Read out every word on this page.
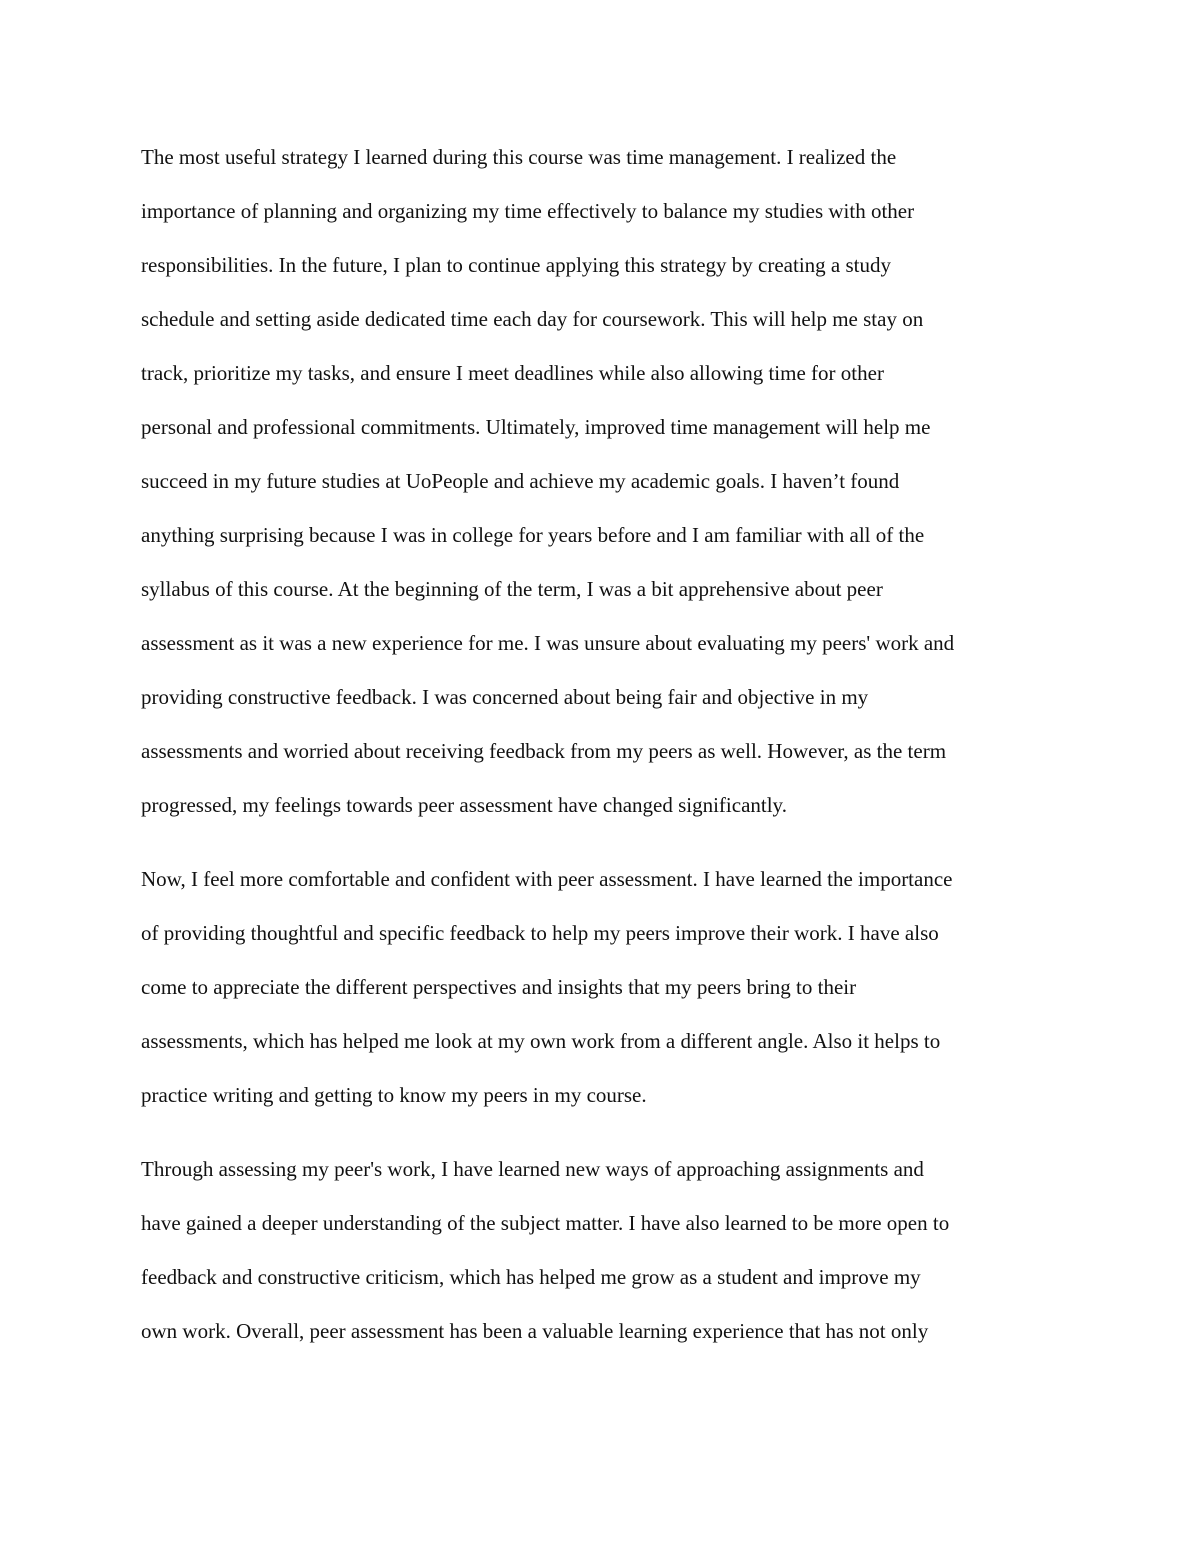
The most useful strategy I learned during this course was time management. I realized the
importance of planning and organizing my time effectively to balance my studies with other
responsibilities. In the future, I plan to continue applying this strategy by creating a study
schedule and setting aside dedicated time each day for coursework. This will help me stay on
track, prioritize my tasks, and ensure I meet deadlines while also allowing time for other
personal and professional commitments. Ultimately, improved time management will help me
succeed in my future studies at UoPeople and achieve my academic goals. I haven’t found
anything surprising because I was in college for years before and I am familiar with all of the
syllabus of this course. At the beginning of the term, I was a bit apprehensive about peer
assessment as it was a new experience for me. I was unsure about evaluating my peers' work and
providing constructive feedback. I was concerned about being fair and objective in my
assessments and worried about receiving feedback from my peers as well. However, as the term
progressed, my feelings towards peer assessment have changed significantly.

Now, I feel more comfortable and confident with peer assessment. I have learned the importance
of providing thoughtful and specific feedback to help my peers improve their work. I have also
come to appreciate the different perspectives and insights that my peers bring to their
assessments, which has helped me look at my own work from a different angle. Also it helps to
practice writing and getting to know my peers in my course.

Through assessing my peer's work, I have learned new ways of approaching assignments and
have gained a deeper understanding of the subject matter. I have also learned to be more open to
feedback and constructive criticism, which has helped me grow as a student and improve my
own work. Overall, peer assessment has been a valuable learning experience that has not only
